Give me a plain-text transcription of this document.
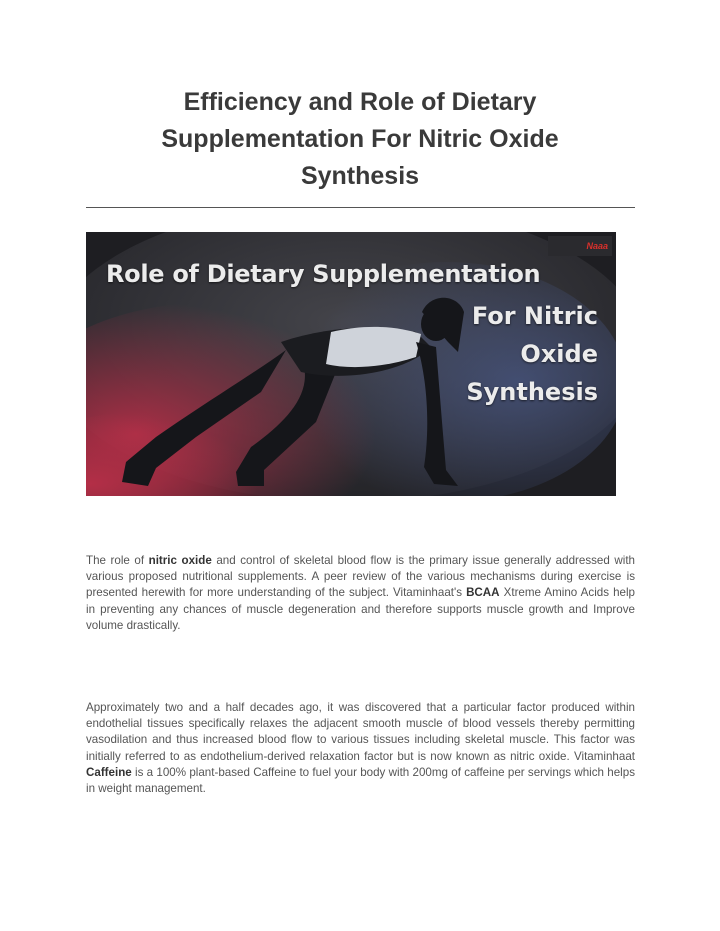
Efficiency and Role of Dietary
Supplementation For Nitric Oxide
Synthesis
Role of Dietary Supplementation
For Nitric
Oxide
Synthesis
Naaa

The role of nitric oxide and control of skeletal blood flow is the primary issue generally addressed with various proposed nutritional supplements. A peer review of the various mechanisms during exercise is presented herewith for more understanding of the subject. Vitaminhaat's BCAA Xtreme Amino Acids help in preventing any chances of muscle degeneration and therefore supports muscle growth and Improve volume drastically.

Approximately two and a half decades ago, it was discovered that a particular factor produced within endothelial tissues specifically relaxes the adjacent smooth muscle of blood vessels thereby permitting vasodilation and thus increased blood flow to various tissues including skeletal muscle. This factor was initially referred to as endothelium-derived relaxation factor but is now known as nitric oxide. Vitaminhaat Caffeine is a 100% plant-based Caffeine to fuel your body with 200mg of caffeine per servings which helps in weight management.
